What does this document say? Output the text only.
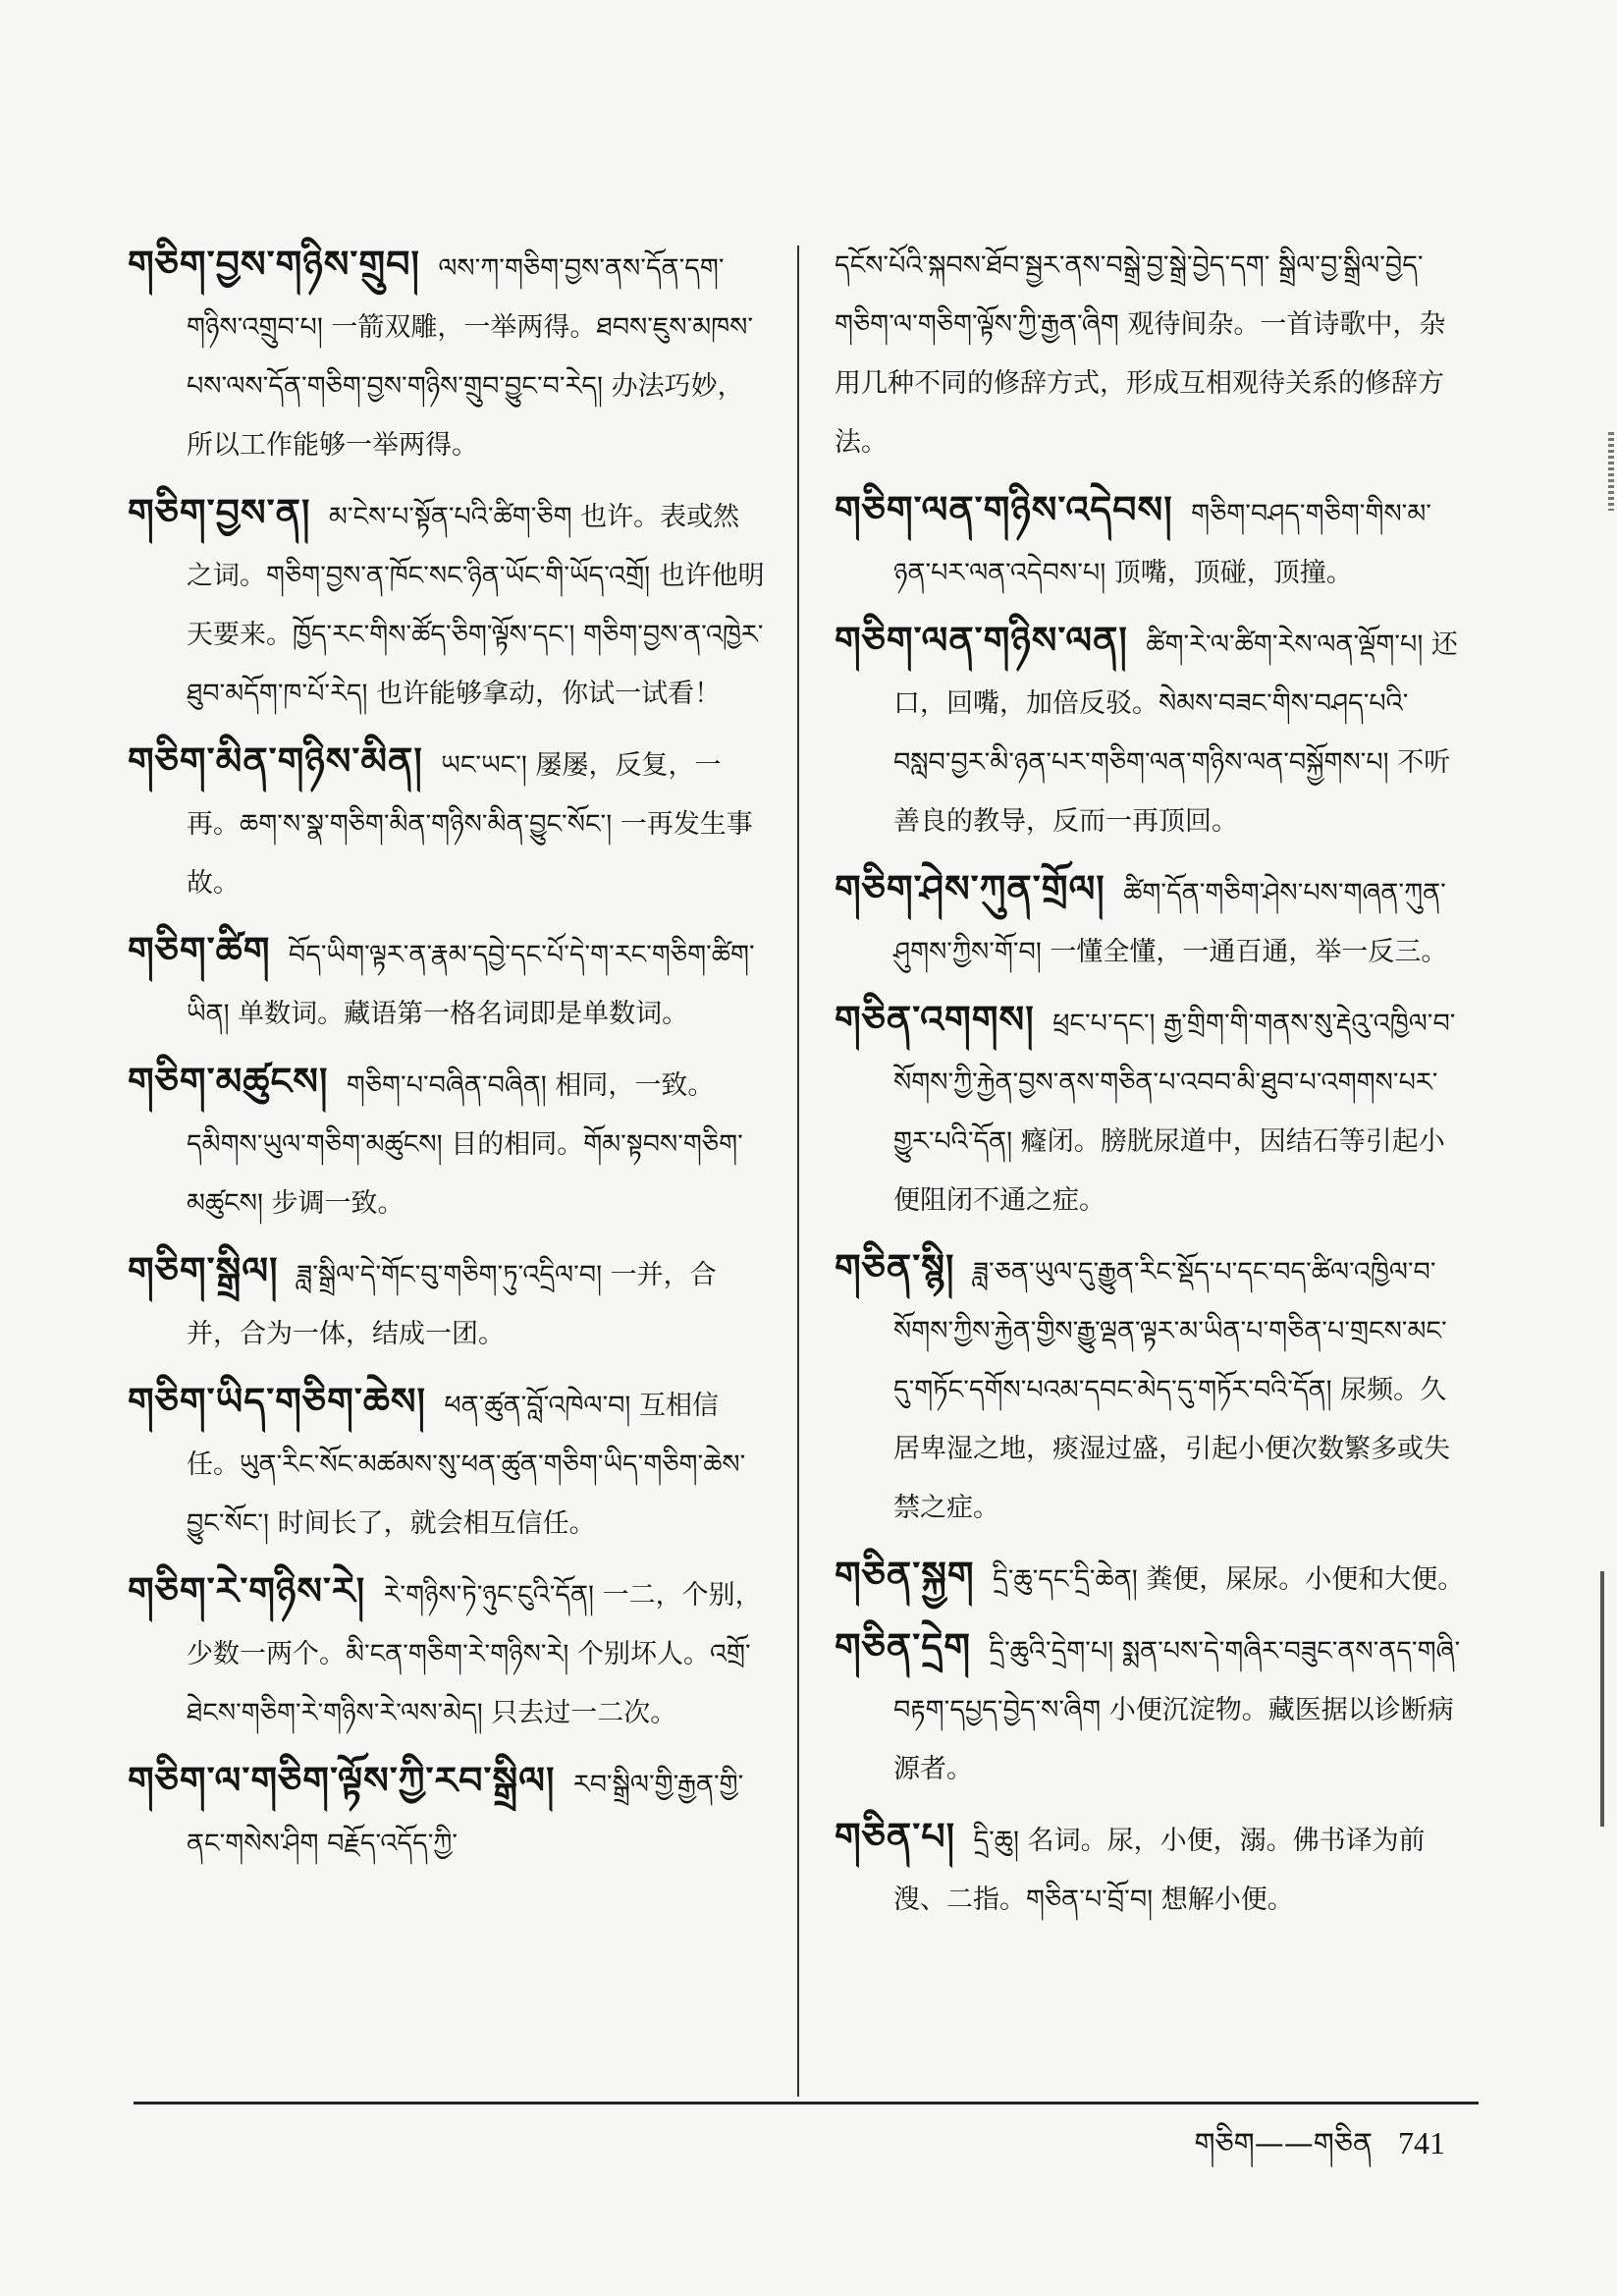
གཅིག་བྱས་གཉིས་གྲུབ། ལས་ཀ་གཅིག་བྱས་ནས་དོན་དག་གཉིས་འགྲུབ་པ། 一箭双雕，一举两得。ཐབས་ཇུས་མཁས་པས་ལས་དོན་གཅིག་བྱས་གཉིས་གྲུབ་བྱུང་བ་རེད། 办法巧妙，所以工作能够一举两得。
གཅིག་བྱས་ན། མ་ངེས་པ་སྟོན་པའི་ཚིག་ཅིག 也许。表或然之词。གཅིག་བྱས་ན་ཁོང་སང་ཉིན་ཡོང་གི་ཡོད་འགྲོ། 也许他明天要来。ཁྱོད་རང་གིས་ཚོད་ཅིག་ལྟོས་དང་། གཅིག་བྱས་ན་འཁྱེར་ཐུབ་མདོག་ཁ་པོ་རེད། 也许能够拿动，你试一试看！
གཅིག་མིན་གཉིས་མིན། ཡང་ཡང་། 屡屡，反复，一再。ཆག་ས་སྣ་གཅིག་མིན་གཉིས་མིན་བྱུང་སོང་། 一再发生事故。
གཅིག་ཚིག བོད་ཡིག་ལྟར་ན་རྣམ་དབྱེ་དང་པོ་དེ་ག་རང་གཅིག་ཚིག་ཡིན། 单数词。藏语第一格名词即是单数词。
གཅིག་མཚུངས། གཅིག་པ་བཞིན་བཞིན། 相同，一致。དམིགས་ཡུལ་གཅིག་མཚུངས། 目的相同。གོམ་སྟབས་གཅིག་མཚུངས། 步调一致。
གཅིག་སྒྲིལ། ཟླ་སྒྲིལ་དེ་གོང་བུ་གཅིག་ཏུ་འདྲིལ་བ། 一并，合并，合为一体，结成一团。
གཅིག་ཡིད་གཅིག་ཆེས། ཕན་ཚུན་བློ་འཁེལ་བ། 互相信任。ཡུན་རིང་སོང་མཚམས་སུ་ཕན་ཚུན་གཅིག་ཡིད་གཅིག་ཆེས་བྱུང་སོང་། 时间长了，就会相互信任。
གཅིག་རེ་གཉིས་རེ། རེ་གཉིས་ཏེ་ཉུང་ངུའི་དོན། 一二，个别，少数一两个。མི་ངན་གཅིག་རེ་གཉིས་རེ། 个别坏人。འགྲོ་ཐེངས་གཅིག་རེ་གཉིས་རེ་ལས་མེད། 只去过一二次。
གཅིག་ལ་གཅིག་ལྟོས་ཀྱི་རབ་སྒྲིལ། རབ་སྒྲིལ་གྱི་རྒྱན་གྱི་ནང་གསེས་ཤིག བརྗོད་འདོད་ཀྱི་
དངོས་པོའི་སྐབས་ཐོབ་སྦྱར་ནས་བསྒྲེ་བྱ་སྒྲེ་བྱེད་དག་ སྒྲིལ་བྱ་སྒྲིལ་བྱེད་གཅིག་ལ་གཅིག་ལྟོས་ཀྱི་རྒྱན་ཞིག 观待间杂。一首诗歌中，杂用几种不同的修辞方式，形成互相观待关系的修辞方法。
གཅིག་ལན་གཉིས་འདེབས། གཅིག་བཤད་གཅིག་གིས་མ་ཉན་པར་ལན་འདེབས་པ། 顶嘴，顶碰，顶撞。
གཅིག་ལན་གཉིས་ལན། ཚིག་རེ་ལ་ཚིག་རེས་ལན་ལྡོག་པ། 还口，回嘴，加倍反驳。སེམས་བཟང་གིས་བཤད་པའི་བསླབ་བྱར་མི་ཉན་པར་གཅིག་ལན་གཉིས་ལན་བསྐྱོགས་པ། 不听善良的教导，反而一再顶回。
གཅིག་ཤེས་ཀུན་གྲོལ། ཚིག་དོན་གཅིག་ཤེས་པས་གཞན་ཀུན་ཤུགས་ཀྱིས་གོ་བ། 一懂全懂，一通百通，举一反三。
གཅིན་འགགས། ཕྲང་པ་དང་། རྒྱ་གྲིག་གི་གནས་སུ་རྡེའུ་འཁྱིལ་བ་སོགས་ཀྱི་རྐྱེན་བྱས་ནས་གཅིན་པ་འབབ་མི་ཐུབ་པ་འགགས་པར་གྱུར་པའི་དོན། 癃闭。膀胱尿道中，因结石等引起小便阻闭不通之症。
གཅིན་སྙི། ཟླ་ཅན་ཡུལ་དུ་རྒྱུན་རིང་སྡོད་པ་དང་བད་ཚིལ་འཁྱིལ་བ་སོགས་ཀྱིས་རྐྱེན་གྱིས་རྒྱུ་ལྡན་ལྟར་མ་ཡིན་པ་གཅིན་པ་གྲངས་མང་དུ་གཏོང་དགོས་པའམ་དབང་མེད་དུ་གཏོར་བའི་དོན། 尿频。久居卑湿之地，痰湿过盛，引起小便次数繁多或失禁之症。
གཅིན་སྐྱག དྲི་ཆུ་དང་དྲི་ཆེན། 粪便，屎尿。小便和大便。
གཅིན་དྲེག དྲི་ཆུའི་དྲེག་པ། སྨན་པས་དེ་གཞིར་བཟུང་ནས་ནད་གཞི་བརྟག་དཔྱད་བྱེད་ས་ཞིག 小便沉淀物。藏医据以诊断病源者。
གཅིན་པ། དྲི་ཆུ། 名词。尿，小便，溺。佛书译为前溲、二指。གཅིན་པ་བྲོ་བ། 想解小便。
གཅིག——གཅིན 741
